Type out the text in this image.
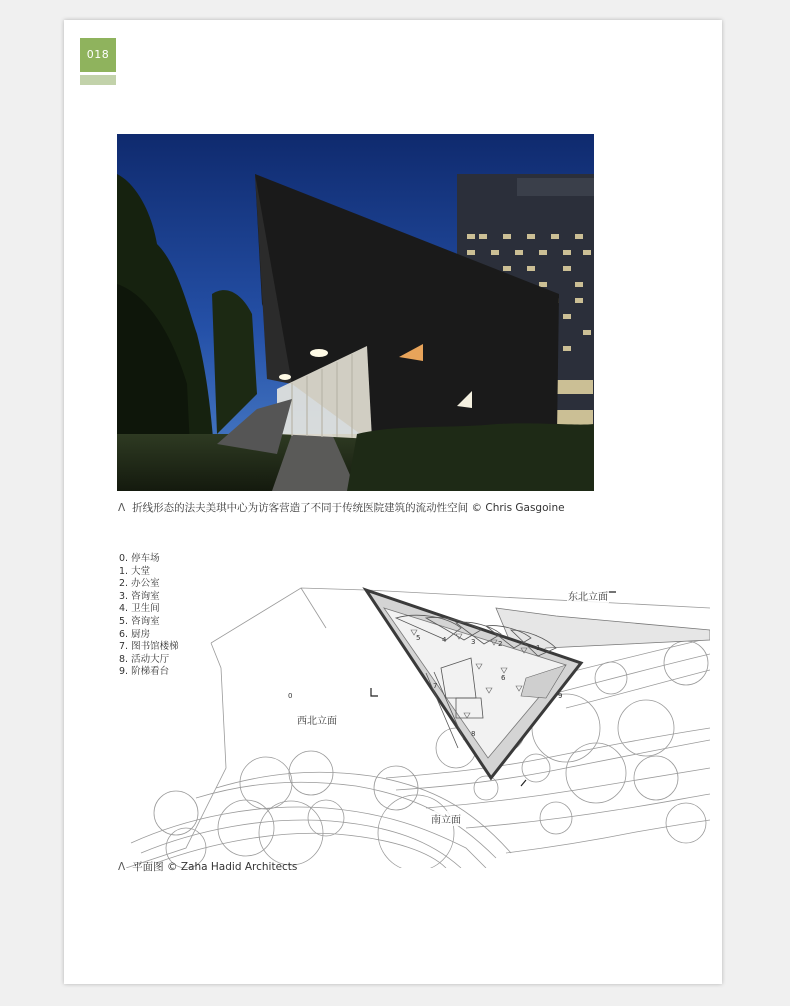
018
Λ 折线形态的法夫美琪中心为访客营造了不同于传统医院建筑的流动性空间 © Chris Gasgoine
0. 停车场
1. 大堂
2. 办公室
3. 咨询室
4. 卫生间
5. 咨询室
6. 厨房
7. 图书馆楼梯
8. 活动大厅
9. 阶梯看台
0
1
2
3
4
5
6
7
8
9
东北立面
西北立面
南立面
Λ 平面图 © Zaha Hadid Architects
